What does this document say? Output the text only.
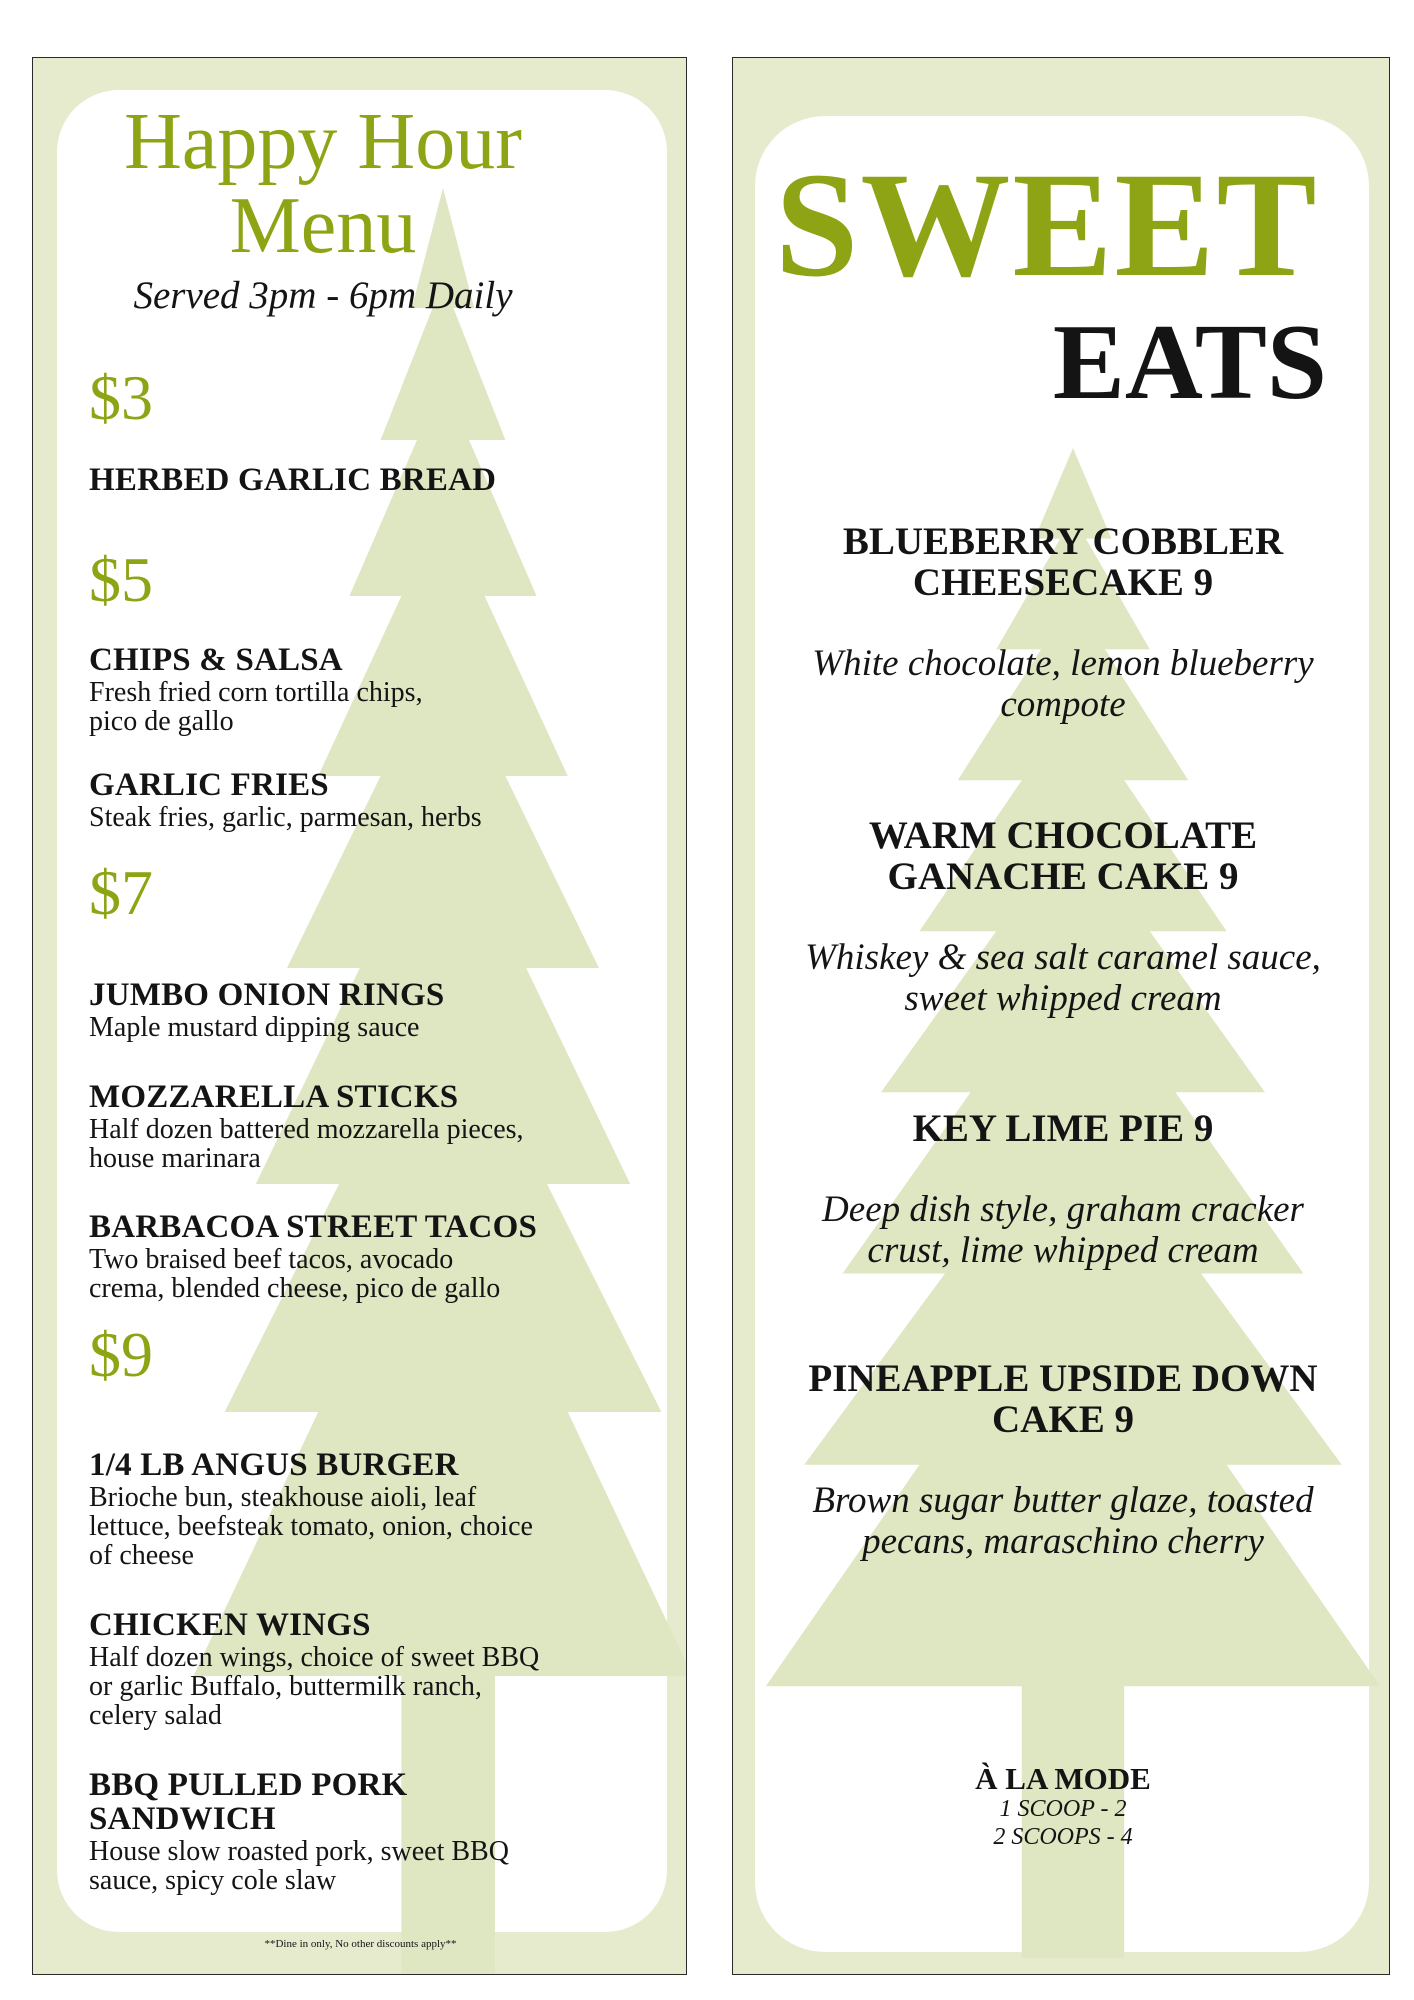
Happy Hour
Menu
Served 3pm - 6pm Daily
$3
HERBED GARLIC BREAD
$5
CHIPS & SALSA
Fresh fried corn tortilla chips,
pico de gallo
GARLIC FRIES
Steak fries, garlic, parmesan, herbs
$7
JUMBO ONION RINGS
Maple mustard dipping sauce
MOZZARELLA STICKS
Half dozen battered mozzarella pieces,
house marinara
BARBACOA STREET TACOS
Two braised beef tacos, avocado
crema, blended cheese, pico de gallo
$9
1/4 LB ANGUS BURGER
Brioche bun, steakhouse aioli, leaf
lettuce, beefsteak tomato, onion, choice
of cheese
CHICKEN WINGS
Half dozen wings, choice of sweet BBQ
or garlic Buffalo, buttermilk ranch,
celery salad
BBQ PULLED PORK
SANDWICH
House slow roasted pork, sweet BBQ
sauce, spicy cole slaw
**Dine in only, No other discounts apply**
SWEET
EATS
BLUEBERRY COBBLER
CHEESECAKE 9
White chocolate, lemon blueberry
compote
WARM CHOCOLATE
GANACHE CAKE 9
Whiskey & sea salt caramel sauce,
sweet whipped cream
KEY LIME PIE 9
Deep dish style, graham cracker
crust, lime whipped cream
PINEAPPLE UPSIDE DOWN
CAKE 9
Brown sugar butter glaze, toasted
pecans, maraschino cherry
À LA MODE
1 SCOOP - 2
2 SCOOPS - 4
